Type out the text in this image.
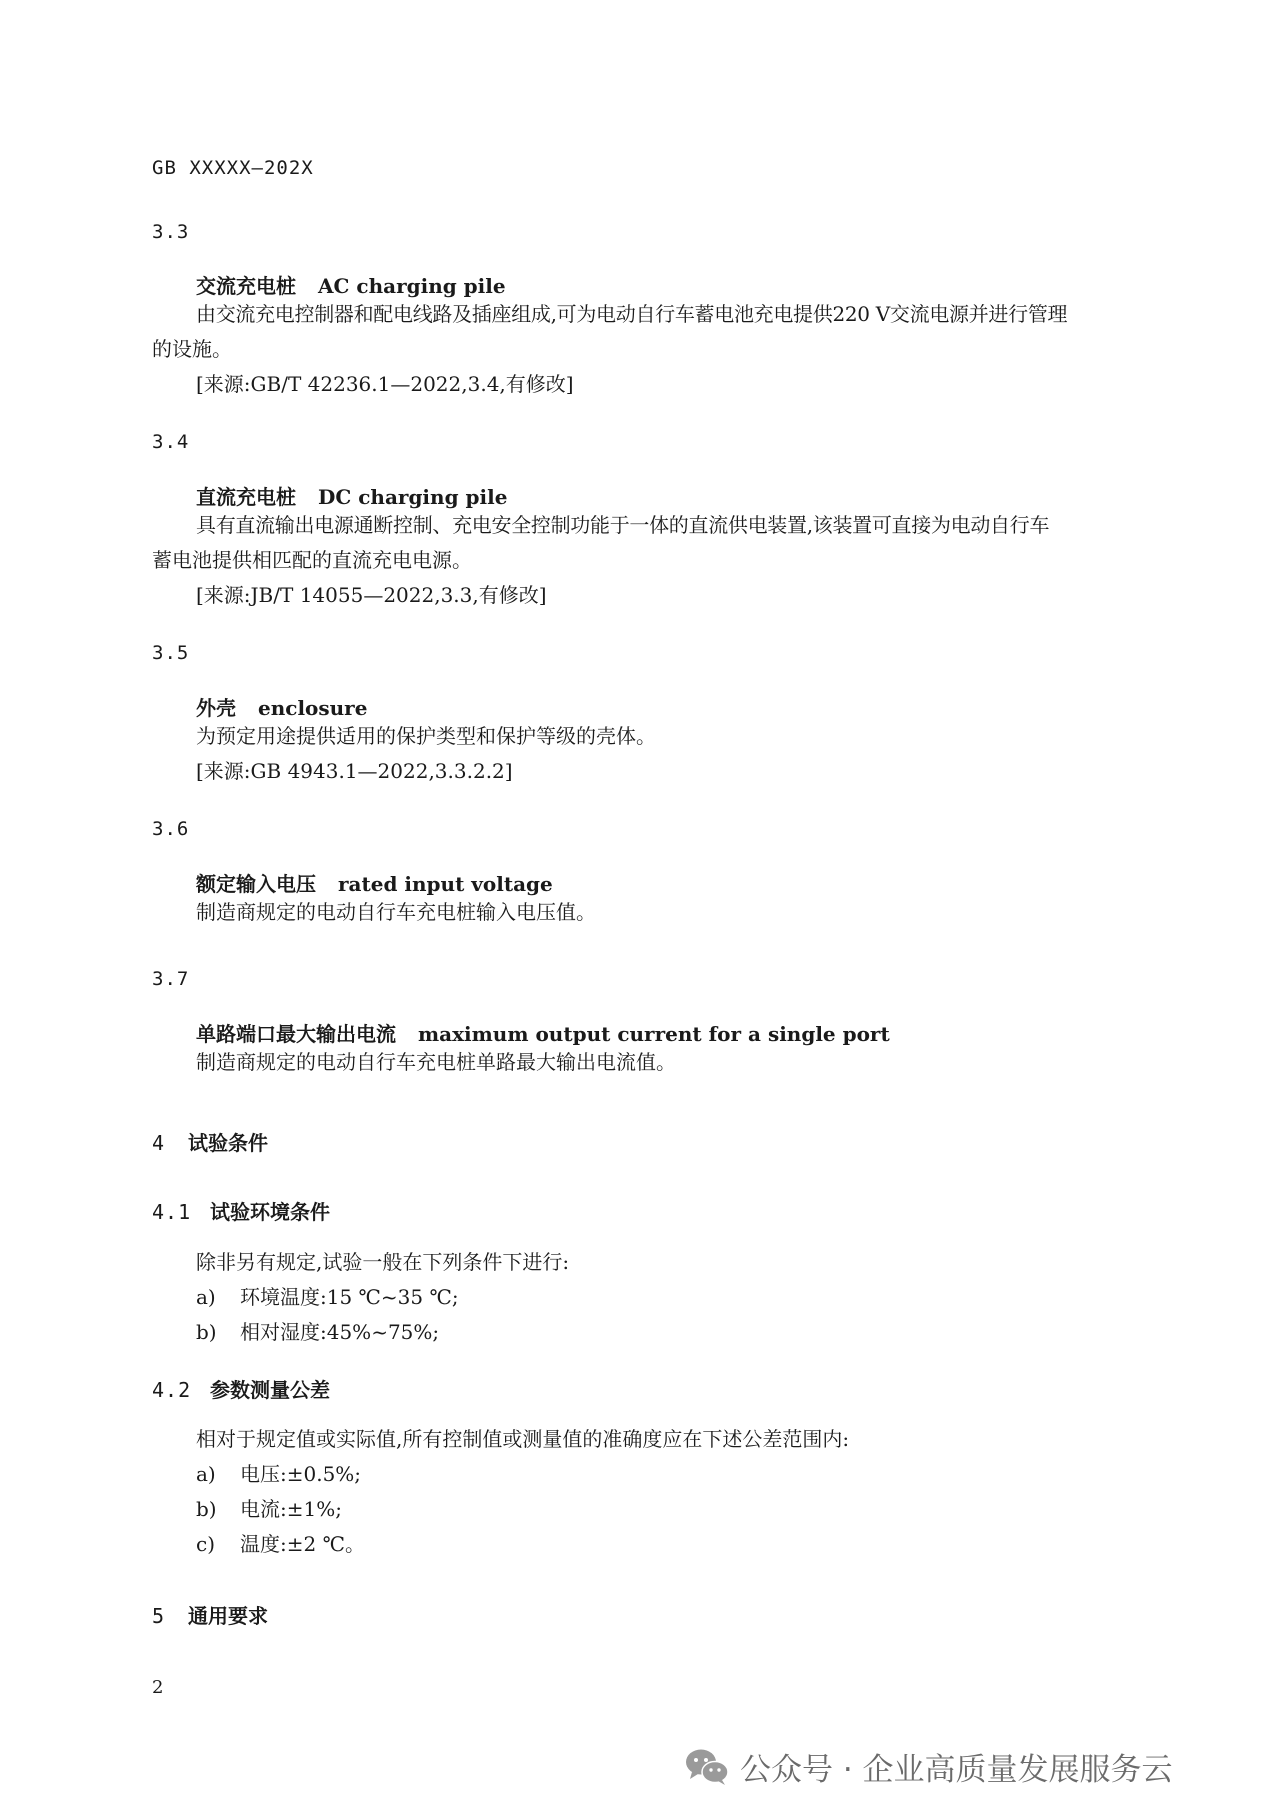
GB XXXXX—202X
3.3
交流充电桩 AC charging pile
由交流充电控制器和配电线路及插座组成,可为电动自行车蓄电池充电提供220 V交流电源并进行管理
的设施。
[来源:GB/T 42236.1—2022,3.4,有修改]
3.4
直流充电桩 DC charging pile
具有直流输出电源通断控制、充电安全控制功能于一体的直流供电装置,该装置可直接为电动自行车
蓄电池提供相匹配的直流充电电源。
[来源:JB/T 14055—2022,3.3,有修改]
3.5
外壳 enclosure
为预定用途提供适用的保护类型和保护等级的壳体。
[来源:GB 4943.1—2022,3.3.2.2]
3.6
额定输入电压 rated input voltage
制造商规定的电动自行车充电桩输入电压值。
3.7
单路端口最大输出电流 maximum output current for a single port
制造商规定的电动自行车充电桩单路最大输出电流值。
4 试验条件
4.1 试验环境条件
除非另有规定,试验一般在下列条件下进行:
a) 环境温度:15 ℃~35 ℃;
b) 相对湿度:45%~75%;
4.2 参数测量公差
相对于规定值或实际值,所有控制值或测量值的准确度应在下述公差范围内:
a) 电压:±0.5%;
b) 电流:±1%;
c) 温度:±2 ℃。
5 通用要求
2
公众号 · 企业高质量发展服务云
